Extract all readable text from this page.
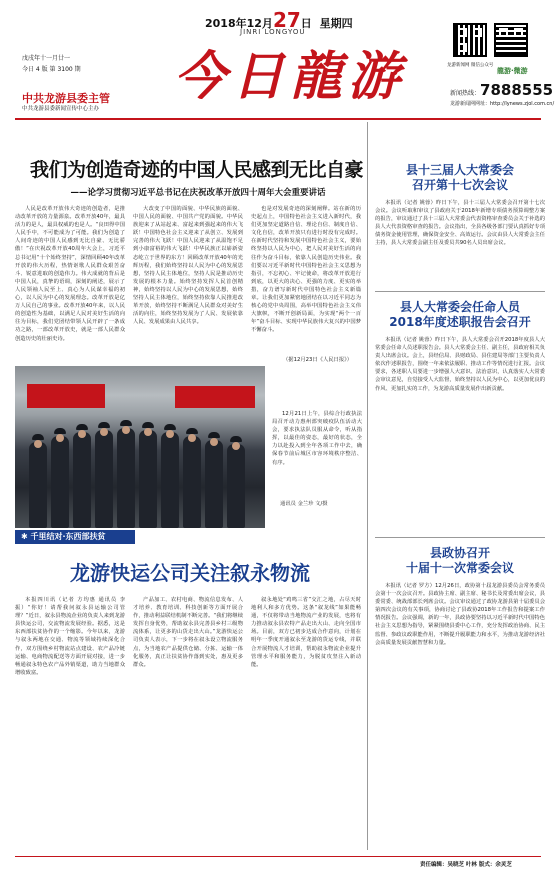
2018年12月27日 星期四
戊戌年十一月廿一
今日 4 版 第 3100 期
中共龙游县委主管
中共龙游县委新闻宣传中心主办
今日龍游
JINRI LONGYOU
龙游新闻网 微信公众号
龍游·微游
新闻热线：7888555
龙游新闻网网址：http://lynews.zjol.com.cn/
我们为创造奇迹的中国人民感到无比自豪
——论学习贯彻习近平总书记在庆祝改革开放四十周年大会重要讲话
人民是改革开放伟大奇迹的创造者，是推动改革开放的力量源泉。改革开放40年，最具活力的是人，最具权威的也是人。“良田得中国人民手中，不可能成为了可能。我们为创造了人间奇迹的中国人民感到无比自豪、无比骄傲！”在庆祝改革开放40周年大会上，习近平总书记用“十个始终坚持”，深情回顾40年改革开放的伟大历程，热情讴歌人民群众艰苦奋斗、锐意进取的创造伟力。伟大成就的背后是中国人民，真挚的语调，深刻的阐述，展示了人民领袖人民至上、真心为人民谋幸福的初心，以人民为中心的发展理念。改革开放是亿万人民自己的事业。改革开放40年来，以人民的创造性为基础，以满足人民对美好生活的向往为目标，我们党团结带领人民开辟了一条成功之路，一部改革开放史，就是一部人民群众创造历史的壮丽史诗。
大改变了中国的面貌、中华民族的面貌、中国人民的面貌、中国共产党的面貌。中华民族迎来了从站起来、富起来到强起来的伟大飞跃！中国特色社会主义迎来了从创立、发展到完善的伟大飞跃！中国人民迎来了从温饱不足到小康富裕的伟大飞跃！中华民族正以崭新姿态屹立于世界的东方！回顾改革开放40年的光辉历程，我们始终坚持以人民为中心的发展思想，坚持人民主体地位，坚持人民是推动历史发展的根本力量。始终坚持发挥人民首创精神，始终坚持以人民为中心的发展思想，始终坚持人民主体地位，始终坚持依靠人民推进改革开放，始终坚持不断满足人民群众对美好生活的向往，始终坚持发展为了人民、发展依靠人民、发展成果由人民共享。
也是对发展奇迹的深刻阐释。站在新的历史起点上，中国特色社会主义进入新时代，我们更加坚定道路自信、理论自信、制度自信、文化自信，改革开放只有进行时没有完成时。在新时代坚持和发展中国特色社会主义，要始终坚持以人民为中心，把人民对美好生活的向往作为奋斗目标，依靠人民创造历史伟业。我们要以习近平新时代中国特色社会主义思想为指引，不忘初心、牢记使命，将改革开放进行到底，以更大的决心、更强的力度、更实的举措，奋力谱写新时代中国特色社会主义新篇章。让我们更加紧密地团结在以习近平同志为核心的党中央周围，高举中国特色社会主义伟大旗帜，不断开创新局面，为实现“两个一百年”奋斗目标、实现中华民族伟大复兴的中国梦不懈奋斗。
（据12月23日《人民日报》）
12月21日上午，县综合行政执法局召开动力惠州部突破疫队伍活动大会，要求执法队员服从命令，听从指挥，以最佳的姿态，最好的状态，全力以赴投入到全年各项工作中去，确保春节前后城区市容环境秩序整洁、有序。
通讯员 金兰珍 文/摄
✱ 千里结对·东西部扶贫
龙游快运公司关注叙永物流
本报四川讯（记者 方均惠 通讯员 李振）“你好！请帮我问叙永县运输公司管理？”近日，叙永县物流企业的负责人来到龙游县快运公司，交流物流发展经验。据悉，这是东西部扶贫协作的一个缩影。今年以来，龙游与叙永两地在交通、物流等领域持续深化合作，双方围绕乡村物流站点建设、农产品冷链运输、电商物流配送等方面开展对接，进一步畅通叙永特色农产品外销渠道，助力当地群众增收致富。
产品加工、农村电商、物流信息发布、人才培养、教育培训、科技创新等方面开展合作，推动利益联结机制不断完善。“我们将继续发挥自身优势，帮助叙永县完善县乡村三级物流体系，让更多的山货走出大山。”龙游快运公司负责人表示，下一步将在叙永设立物流服务点，为当地农产品提供仓储、分拣、运输一体化服务，真正让扶贫协作落到实处，惠及更多群众。
叙永地处“鸡鸣三省”交汇之地，占尽天时地利人和多方优势。这条“叙龙线”如果能畅通，不仅将带动当地物流产业的发展，也将有力推动叙永县农特产品走出大山、走向全国市场。目前，双方已初步达成合作意向，计划在明年一季度开通叙永至龙游的货运专线，并联合开展物流人才培训，帮助叙永物流企业提升管理水平和服务能力，为脱贫攻坚注入新动能。
县十三届人大常委会
召开第十七次会议
本报讯（记者 姚蓉）昨日下午，县十三届人大常委会召开第十七次会议。会议听取和审议了县政府关于2018年新增专项债务预算调整方案的报告，审议通过了县十三届人大常委会代表资格审查委员会关于补选的县人大代表资格审查的报告。会议指出，全县各级各部门要认真抓好专项债务资金使用管理，确保资金安全、高效运行。会议由县人大常委会主任主持，县人大常委会副主任及委员共90名人员出席会议。
县人大常委会任命人员
2018年度述职报告会召开
本报讯（记者 姚蓉）昨日下午，县人大常委会召开2018年度县人大常委会任命人员述职报告会。县人大常委会主任、副主任，县政府相关负责人出席会议。会上，县经信局、县财政局、县住建局等部门主要负责人依次作述职报告，围绕一年来依法履职、推动工作等情况进行汇报。会议要求，各述职人员要进一步增强人大意识、法治意识，认真落实人大常委会审议意见，自觉接受人大监督，始终坚持以人民为中心，以更加优良的作风、更加扎实的工作，为龙游高质量发展作出新贡献。
县政协召开
十届十一次常委会议
本报讯（记者 罗方）12月26日，政协第十届龙游县委员会常务委员会第十一次会议召开。县政协主席、副主席、秘书长及常委出席会议，县委常委、统战部部长列席会议。会议审议通过了政协龙游县第十届委员会第四次会议的有关事项，协商讨论了县政协2018年工作报告和提案工作情况报告。会议强调，新的一年，县政协要坚持以习近平新时代中国特色社会主义思想为指导，紧紧围绕县委中心工作，充分发挥政治协商、民主监督、参政议政职能作用，不断提升履职能力和水平，为推动龙游经济社会高质量发展贡献智慧和力量。
责任编辑：吴晓芝 叶林 版式：余灵芝
